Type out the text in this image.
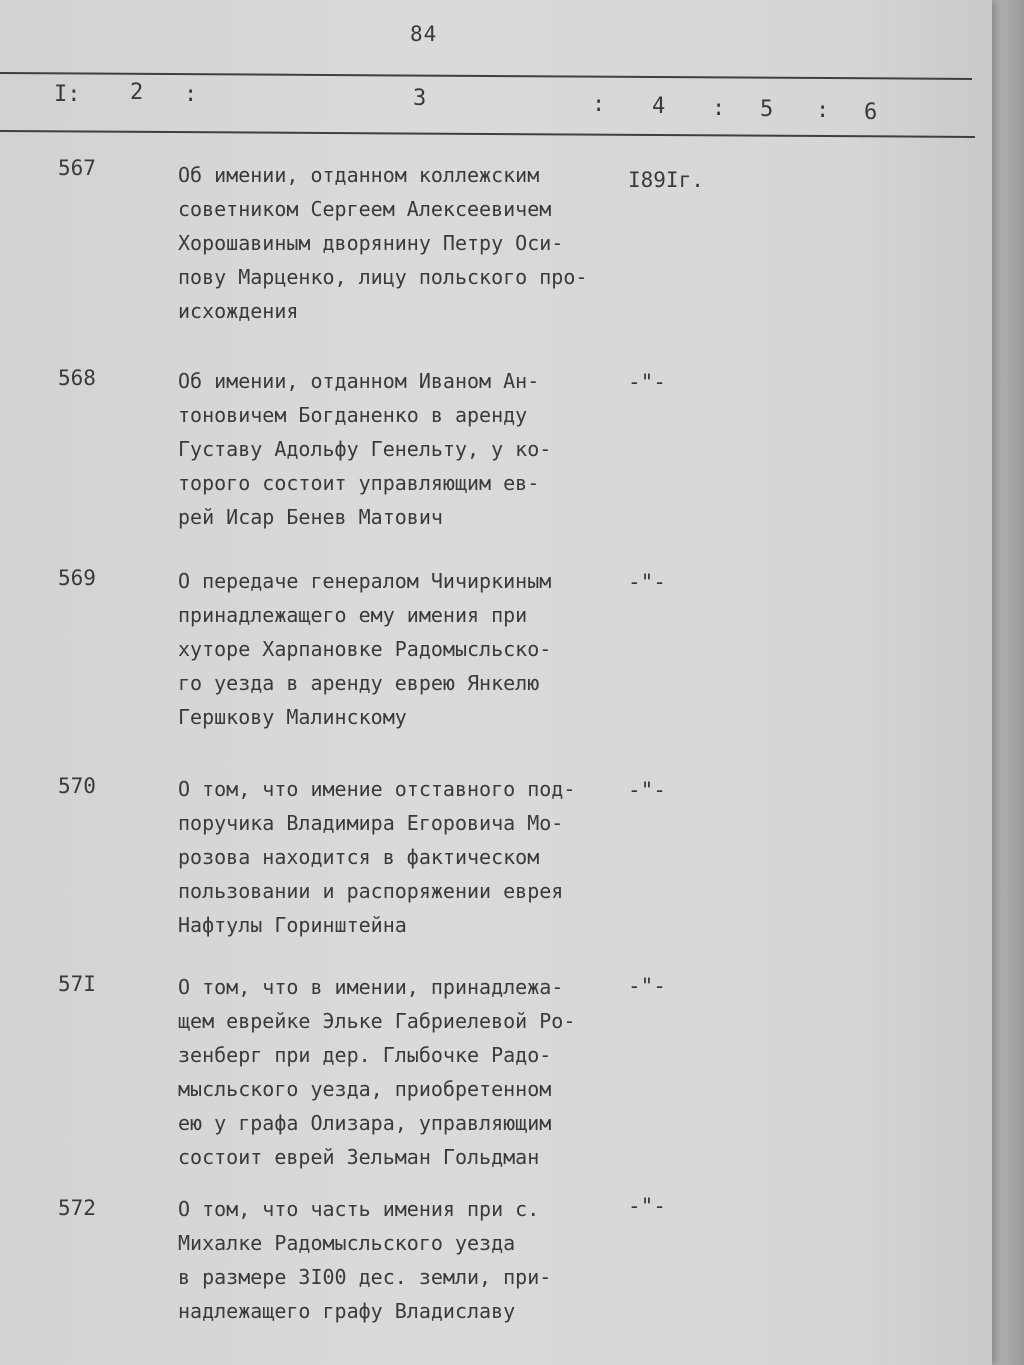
84
I: 2 :	3	: 4 : 5 : 6
567	Об имении, отданном коллежским
советником Сергеем Алексеевичем
Хорошавиным дворянину Петру Оси-
пову Марценко, лицу польского про-
исхождения
I89Iг.
568	Об имении, отданном Иваном Ан-
тоновичем Богданенко в аренду
Густаву Адольфу Генельту, у ко-
торого состоит управляющим ев-
рей Исар Бенев Матович
-"-
569	О передаче генералом Чичиркиным
принадлежащего ему имения при
хуторе Харпановке Радомысльско-
го уезда в аренду еврею Янкелю
Гершкову Малинскому
-"-
570	О том, что имение отставного под-
поручика Владимира Егоровича Мо-
розова находится в фактическом
пользовании и распоряжении еврея
Нафтулы Горинштейна
-"-
57I	О том, что в имении, принадлежа-
щем еврейке Эльке Габриелевой Ро-
зенберг при дер. Глыбочке Радо-
мысльского уезда, приобретенном
ею у графа Олизара, управляющим
состоит еврей Зельман Гольдман
-"-
572	О том, что часть имения при с.
Михалке Радомысльского уезда
в размере 3I00 дес. земли, при-
надлежащего графу Владиславу
-"-
